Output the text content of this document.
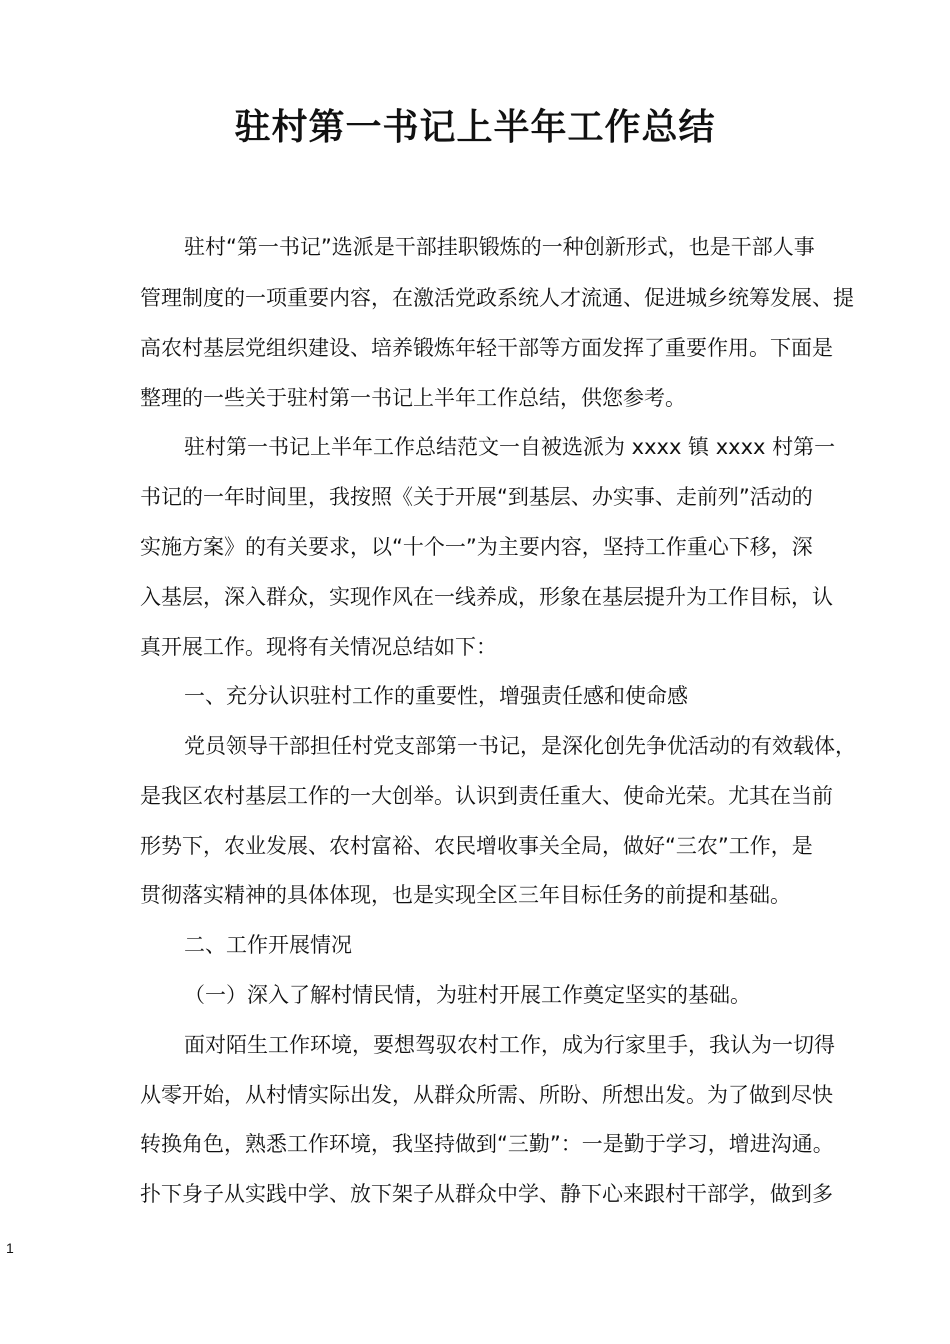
驻村第一书记上半年工作总结
驻村“第一书记”选派是干部挂职锻炼的一种创新形式，也是干部人事
管理制度的一项重要内容，在激活党政系统人才流通、促进城乡统筹发展、提
高农村基层党组织建设、培养锻炼年轻干部等方面发挥了重要作用。下面是
整理的一些关于驻村第一书记上半年工作总结，供您参考。
驻村第一书记上半年工作总结范文一自被选派为 xxxx 镇 xxxx 村第一
书记的一年时间里，我按照《关于开展“到基层、办实事、走前列”活动的
实施方案》的有关要求，以“十个一”为主要内容，坚持工作重心下移，深
入基层，深入群众，实现作风在一线养成，形象在基层提升为工作目标，认
真开展工作。现将有关情况总结如下：
一、充分认识驻村工作的重要性，增强责任感和使命感
党员领导干部担任村党支部第一书记，是深化创先争优活动的有效载体，
是我区农村基层工作的一大创举。认识到责任重大、使命光荣。尤其在当前
形势下，农业发展、农村富裕、农民增收事关全局，做好“三农”工作，是
贯彻落实精神的具体体现，也是实现全区三年目标任务的前提和基础。
二、工作开展情况
（一）深入了解村情民情，为驻村开展工作奠定坚实的基础。
面对陌生工作环境，要想驾驭农村工作，成为行家里手，我认为一切得
从零开始，从村情实际出发，从群众所需、所盼、所想出发。为了做到尽快
转换角色，熟悉工作环境，我坚持做到“三勤”：一是勤于学习，增进沟通。
扑下身子从实践中学、放下架子从群众中学、静下心来跟村干部学，做到多
1
